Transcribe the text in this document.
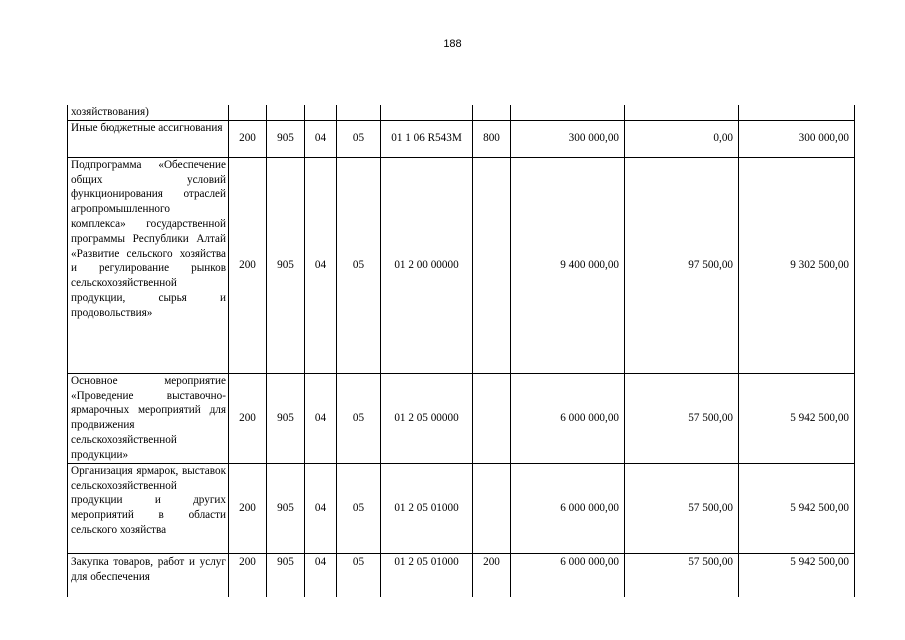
188
хозяйствования)									
Иные бюджетные ассигнования	200	905	04	05	01 1 06 R543M	800	300 000,00	0,00	300 000,00
Подпрограмма «Обеспечение общих условий функционирования отраслей агропромышленного комплекса» государственной программы Республики Алтай «Развитие сельского хозяйства и регулирование рынков сельскохозяйственной продукции, сырья и продовольствия»	200	905	04	05	01 2 00 00000		9 400 000,00	97 500,00	9 302 500,00
Основное мероприятие «Проведение выставочно-ярмарочных мероприятий для продвижения сельскохозяйственной продукции»	200	905	04	05	01 2 05 00000		6 000 000,00	57 500,00	5 942 500,00
Организация ярмарок, выставок сельскохозяйственной продукции и других мероприятий в области сельского хозяйства	200	905	04	05	01 2 05 01000		6 000 000,00	57 500,00	5 942 500,00
Закупка товаров, работ и услуг для обеспечения	200	905	04	05	01 2 05 01000	200	6 000 000,00	57 500,00	5 942 500,00
